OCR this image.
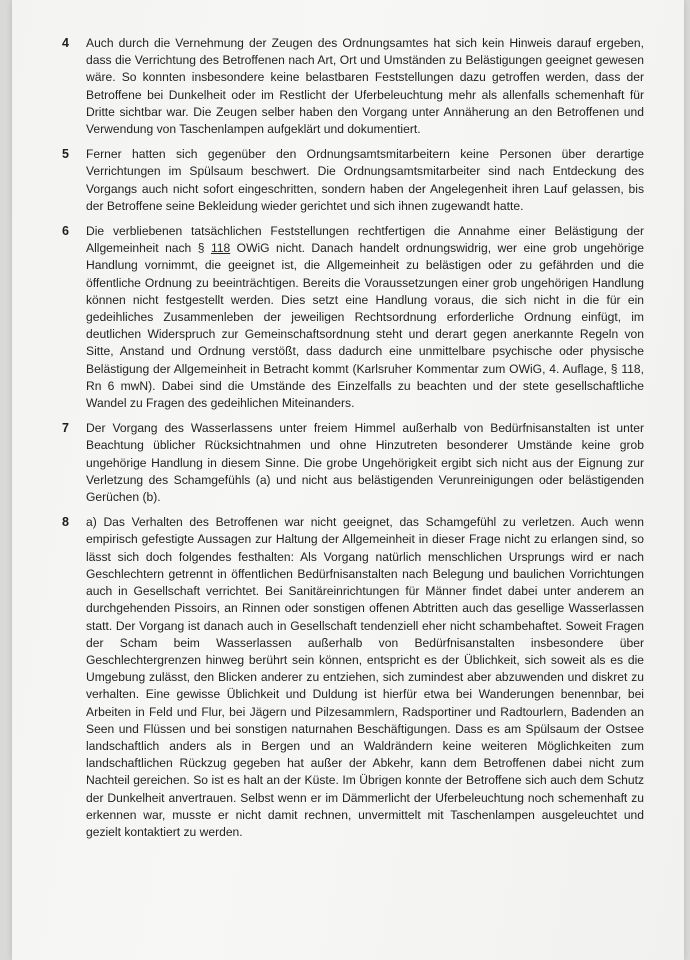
4 Auch durch die Vernehmung der Zeugen des Ordnungsamtes hat sich kein Hinweis darauf ergeben, dass die Verrichtung des Betroffenen nach Art, Ort und Umständen zu Belästigungen geeignet gewesen wäre. So konnten insbesondere keine belastbaren Feststellungen dazu getroffen werden, dass der Betroffene bei Dunkelheit oder im Restlicht der Uferbeleuchtung mehr als allenfalls schemenhaft für Dritte sichtbar war. Die Zeugen selber haben den Vorgang unter Annäherung an den Betroffenen und Verwendung von Taschenlampen aufgeklärt und dokumentiert.

5 Ferner hatten sich gegenüber den Ordnungsamtsmitarbeitern keine Personen über derartige Verrichtungen im Spülsaum beschwert. Die Ordnungsamtsmitarbeiter sind nach Entdeckung des Vorgangs auch nicht sofort eingeschritten, sondern haben der Angelegenheit ihren Lauf gelassen, bis der Betroffene seine Bekleidung wieder gerichtet und sich ihnen zugewandt hatte.

6 Die verbliebenen tatsächlichen Feststellungen rechtfertigen die Annahme einer Belästigung der Allgemeinheit nach § 118 OWiG nicht. Danach handelt ordnungswidrig, wer eine grob ungehörige Handlung vornimmt, die geeignet ist, die Allgemeinheit zu belästigen oder zu gefährden und die öffentliche Ordnung zu beeinträchtigen. Bereits die Voraussetzungen einer grob ungehörigen Handlung können nicht festgestellt werden. Dies setzt eine Handlung voraus, die sich nicht in die für ein gedeihliches Zusammenleben der jeweiligen Rechtsordnung erforderliche Ordnung einfügt, im deutlichen Widerspruch zur Gemeinschaftsordnung steht und derart gegen anerkannte Regeln von Sitte, Anstand und Ordnung verstößt, dass dadurch eine unmittelbare psychische oder physische Belästigung der Allgemeinheit in Betracht kommt (Karlsruher Kommentar zum OWiG, 4. Auflage, § 118, Rn 6 mwN). Dabei sind die Umstände des Einzelfalls zu beachten und der stete gesellschaftliche Wandel zu Fragen des gedeihlichen Miteinanders.

7 Der Vorgang des Wasserlassens unter freiem Himmel außerhalb von Bedürfnisanstalten ist unter Beachtung üblicher Rücksichtnahmen und ohne Hinzutreten besonderer Umstände keine grob ungehörige Handlung in diesem Sinne. Die grobe Ungehörigkeit ergibt sich nicht aus der Eignung zur Verletzung des Schamgefühls (a) und nicht aus belästigenden Verunreinigungen oder belästigenden Gerüchen (b).

8 a) Das Verhalten des Betroffenen war nicht geeignet, das Schamgefühl zu verletzen. Auch wenn empirisch gefestigte Aussagen zur Haltung der Allgemeinheit in dieser Frage nicht zu erlangen sind, so lässt sich doch folgendes festhalten: Als Vorgang natürlich menschlichen Ursprungs wird er nach Geschlechtern getrennt in öffentlichen Bedürfnisanstalten nach Belegung und baulichen Vorrichtungen auch in Gesellschaft verrichtet. Bei Sanitäreinrichtungen für Männer findet dabei unter anderem an durchgehenden Pissoirs, an Rinnen oder sonstigen offenen Abtritten auch das gesellige Wasserlassen statt. Der Vorgang ist danach auch in Gesellschaft tendenziell eher nicht schambehaftet. Soweit Fragen der Scham beim Wasserlassen außerhalb von Bedürfnisanstalten insbesondere über Geschlechtergrenzen hinweg berührt sein können, entspricht es der Üblichkeit, sich soweit als es die Umgebung zulässt, den Blicken anderer zu entziehen, sich zumindest aber abzuwenden und diskret zu verhalten. Eine gewisse Üblichkeit und Duldung ist hierfür etwa bei Wanderungen benennbar, bei Arbeiten in Feld und Flur, bei Jägern und Pilzesammlern, Radsportiner und Radtourlern, Badenden an Seen und Flüssen und bei sonstigen naturnahen Beschäftigungen. Dass es am Spülsaum der Ostsee landschaftlich anders als in Bergen und an Waldrändern keine weiteren Möglichkeiten zum landschaftlichen Rückzug gegeben hat außer der Abkehr, kann dem Betroffenen dabei nicht zum Nachteil gereichen. So ist es halt an der Küste. Im Übrigen konnte der Betroffene sich auch dem Schutz der Dunkelheit anvertrauen. Selbst wenn er im Dämmerlicht der Uferbeleuchtung noch schemenhaft zu erkennen war, musste er nicht damit rechnen, unvermittelt mit Taschenlampen ausgeleuchtet und gezielt kontaktiert zu werden.
